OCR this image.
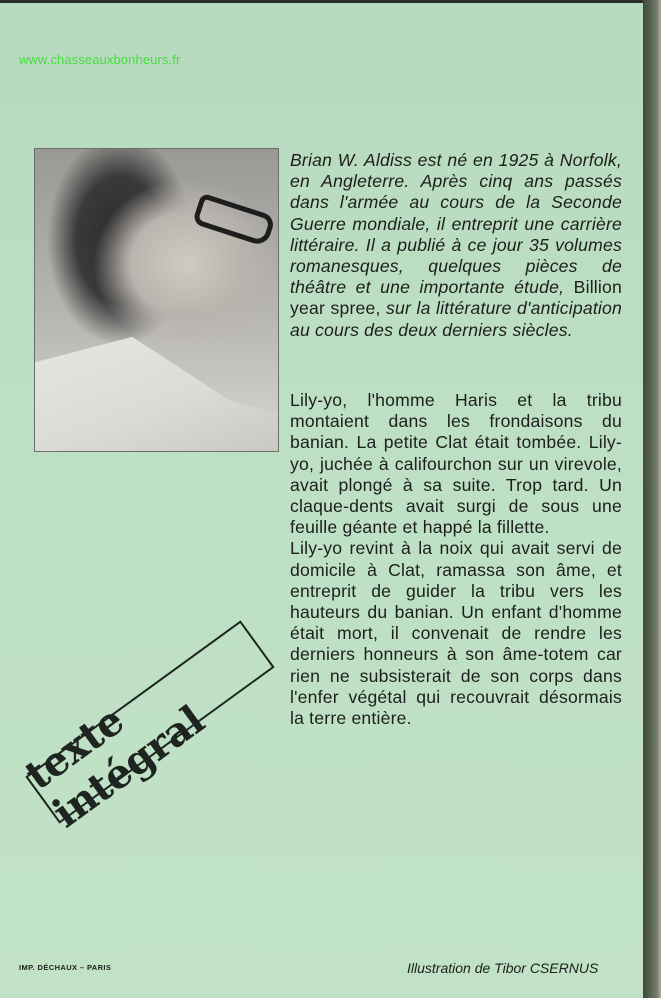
www.chasseauxbonheurs.fr
Brian W. Aldiss est né en 1925 à Norfolk, en Angleterre. Après cinq ans passés dans l'armée au cours de la Seconde Guerre mondiale, il entreprit une carrière littéraire. Il a publié à ce jour 35 volumes romanesques, quelques pièces de théâtre et une importante étude, Billion year spree, sur la littérature d'anticipation au cours des deux derniers siècles.

Lily-yo, l'homme Haris et la tribu montaient dans les frondaisons du banian. La petite Clat était tombée. Lily-yo, juchée à califourchon sur un virevole, avait plongé à sa suite. Trop tard. Un claque-dents avait surgi de sous une feuille géante et happé la fillette.

Lily-yo revint à la noix qui avait servi de domicile à Clat, ramassa son âme, et entreprit de guider la tribu vers les hauteurs du banian. Un enfant d'homme était mort, il convenait de rendre les derniers honneurs à son âme-totem car rien ne subsisterait de son corps dans l'enfer végétal qui recouvrait désormais la terre entière.

texte intégral
IMP. DÉCHAUX – PARIS	Illustration de Tibor CSERNUS
